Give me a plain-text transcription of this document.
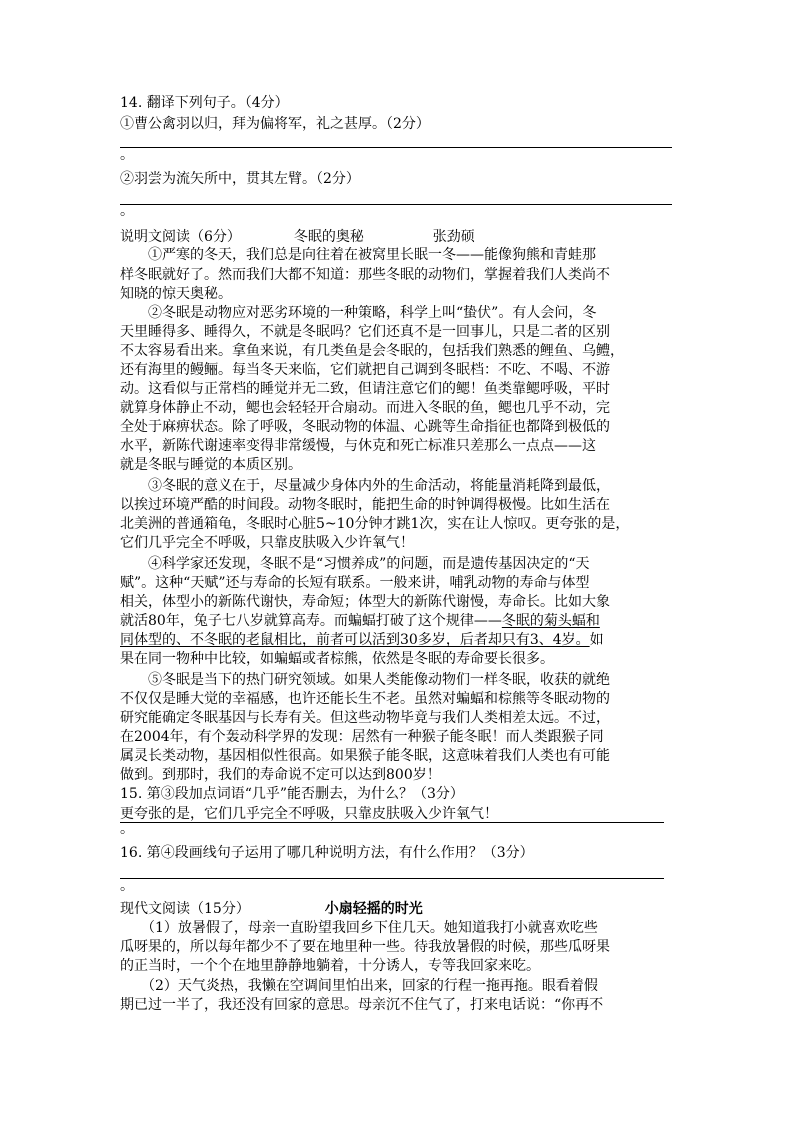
14. 翻译下列句子。（4分）
①曹公禽羽以归，拜为偏将军，礼之甚厚。（2分）
。
②羽尝为流矢所中，贯其左臂。（2分）
。
说明文阅读（6分）	冬眠的奥秘	张劲硕
　　①严寒的冬天，我们总是向往着在被窝里长眠一冬——能像狗熊和青蛙那
样冬眠就好了。然而我们大都不知道：那些冬眠的动物们，掌握着我们人类尚不
知晓的惊天奥秘。
　　②冬眠是动物应对恶劣环境的一种策略，科学上叫“蛰伏”。有人会问，冬
天里睡得多、睡得久，不就是冬眠吗？它们还真不是一回事儿，只是二者的区别
不太容易看出来。拿鱼来说，有几类鱼是会冬眠的，包括我们熟悉的鲤鱼、乌鳢，
还有海里的鳗鲡。每当冬天来临，它们就把自己调到冬眠档：不吃、不喝、不游
动。这看似与正常档的睡觉并无二致，但请注意它们的鳃！鱼类靠鳃呼吸，平时
就算身体静止不动，鳃也会轻轻开合扇动。而进入冬眠的鱼，鳃也几乎不动，完
全处于麻痹状态。除了呼吸，冬眠动物的体温、心跳等生命指征也都降到极低的
水平，新陈代谢速率变得非常缓慢，与休克和死亡标准只差那么一点点——这
就是冬眠与睡觉的本质区别。
　　③冬眠的意义在于，尽量减少身体内外的生命活动，将能量消耗降到最低，
以挨过环境严酷的时间段。动物冬眠时，能把生命的时钟调得极慢。比如生活在
北美洲的普通箱龟，冬眠时心脏5~10分钟才跳1次，实在让人惊叹。更夸张的是，
它们几乎完全不呼吸，只靠皮肤吸入少许氧气！
　　④科学家还发现，冬眠不是“习惯养成”的问题，而是遗传基因决定的“天
赋”。这种“天赋”还与寿命的长短有联系。一般来讲，哺乳动物的寿命与体型
相关，体型小的新陈代谢快，寿命短；体型大的新陈代谢慢，寿命长。比如大象
就活80年，兔子七八岁就算高寿。而蝙蝠打破了这个规律——冬眠的菊头蝠和
同体型的、不冬眠的老鼠相比，前者可以活到30多岁，后者却只有3、4岁。如
果在同一物种中比较，如蝙蝠或者棕熊，依然是冬眠的寿命要长很多。
　　⑤冬眠是当下的热门研究领域。如果人类能像动物们一样冬眠，收获的就绝
不仅仅是睡大觉的幸福感，也许还能长生不老。虽然对蝙蝠和棕熊等冬眠动物的
研究能确定冬眠基因与长寿有关。但这些动物毕竟与我们人类相差太远。不过，
在2004年，有个轰动科学界的发现：居然有一种猴子能冬眠！而人类跟猴子同
属灵长类动物，基因相似性很高。如果猴子能冬眠，这意味着我们人类也有可能
做到。到那时，我们的寿命说不定可以达到800岁！
15. 第③段加点词语“几乎”能否删去，为什么？（3分）
更夸张的是，它们几乎完全不呼吸，只靠皮肤吸入少许氧气！
。
16. 第④段画线句子运用了哪几种说明方法，有什么作用？（3分）
。
现代文阅读（15分）	小扇轻摇的时光
　　（1）放暑假了，母亲一直盼望我回乡下住几天。她知道我打小就喜欢吃些
瓜呀果的，所以每年都少不了要在地里种一些。待我放暑假的时候，那些瓜呀果
的正当时，一个个在地里静静地躺着，十分诱人，专等我回家来吃。
　　（2）天气炎热，我懒在空调间里怕出来，回家的行程一拖再拖。眼看着假
期已过一半了，我还没有回家的意思。母亲沉不住气了，打来电话说：“你再不
